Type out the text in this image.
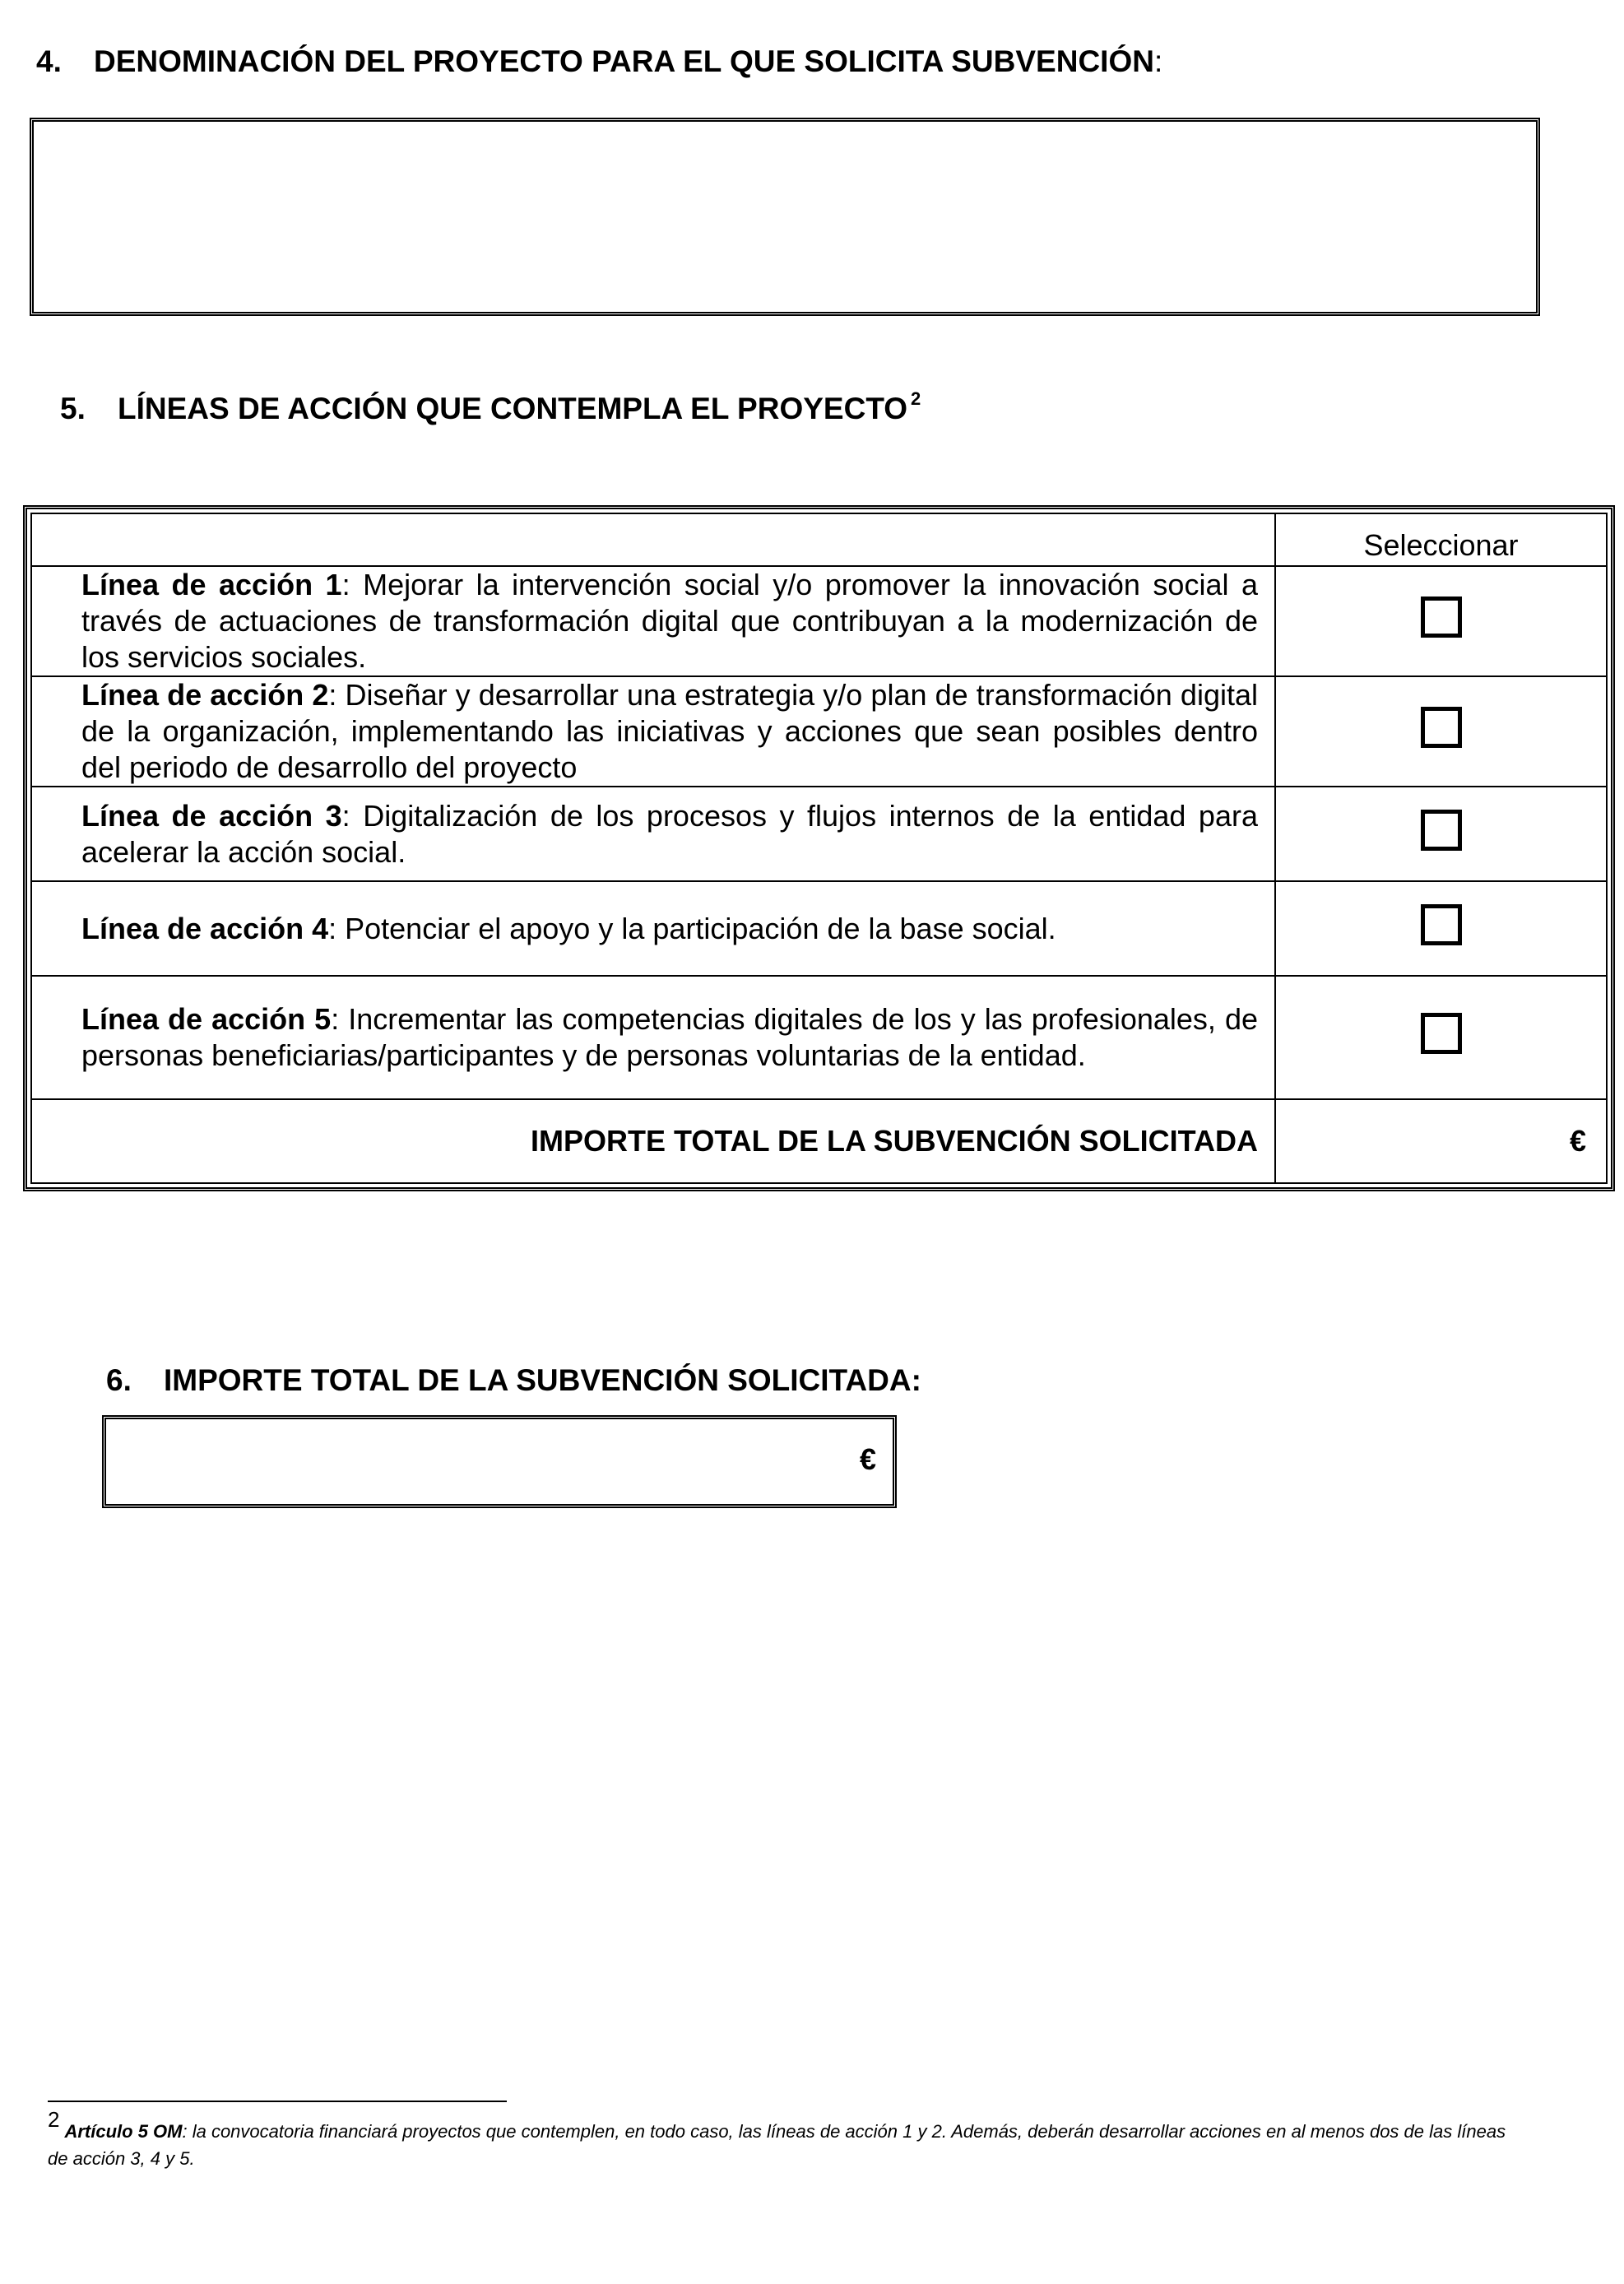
4. DENOMINACIÓN DEL PROYECTO PARA EL QUE SOLICITA SUBVENCIÓN:
5. LÍNEAS DE ACCIÓN QUE CONTEMPLA EL PROYECTO $^2$
	Seleccionar
Línea de acción 1: Mejorar la intervención social y/o promover la innovación social a través de actuaciones de transformación digital que contribuyan a la modernización de los servicios sociales.	
Línea de acción 2: Diseñar y desarrollar una estrategia y/o plan de transformación digital de la organización, implementando las iniciativas y acciones que sean posibles dentro del periodo de desarrollo del proyecto	
Línea de acción 3: Digitalización de los procesos y flujos internos de la entidad para acelerar la acción social.	
Línea de acción 4: Potenciar el apoyo y la participación de la base social.	
Línea de acción 5: Incrementar las competencias digitales de los y las profesionales, de personas beneficiarias/participantes y de personas voluntarias de la entidad.	
IMPORTE TOTAL DE LA SUBVENCIÓN SOLICITADA	€
6. IMPORTE TOTAL DE LA SUBVENCIÓN SOLICITADA:
€
2 Artículo 5 OM: la convocatoria financiará proyectos que contemplen, en todo caso, las líneas de acción 1 y 2. Además, deberán desarrollar acciones en al menos dos de las líneas de acción 3, 4 y 5.
